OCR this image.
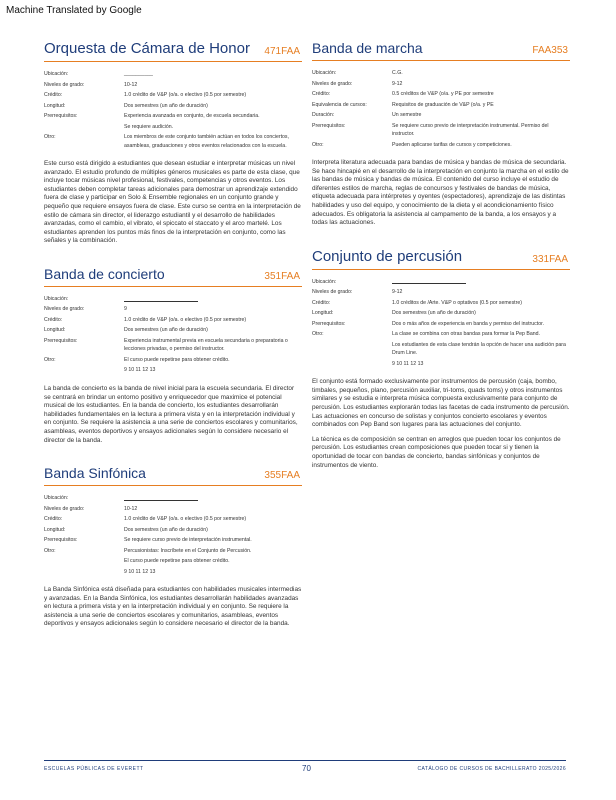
Machine Translated by Google
Orquesta de Cámara de Honor 471FAA
Ubicación:	__________
Niveles de grado:	10-12
Crédito:	1.0 crédito de V&P (o/a. o electivo (0.5 por semestre)
Longitud:	Dos semestres (un año de duración)
Prerrequisitos:	Experiencia avanzada en conjunto, de escuela secundaria.
Se requiere audición.
Otro:	Los miembros de este conjunto también actúan en todos los conciertos, asambleas, graduaciones y otros eventos relacionados con la escuela.

Este curso está dirigido a estudiantes que desean estudiar e interpretar músicas un nivel avanzado. El estudio profundo de múltiples géneros musicales es parte de esta clase, que incluye tocar músicas nivel profesional, festivales, competencias y otros eventos. Los estudiantes deben completar tareas adicionales para demostrar un aprendizaje extendido fuera de clase y participar en Solo & Ensemble regionales en un conjunto grande y pequeño que requiere ensayos fuera de clase. Este curso se centra en la interpretación de estilo de cámara sin director, el liderazgo estudiantil y el desarrollo de habilidades avanzadas, como el cambio, el vibrato, el spiccato el staccato y el arco martelé. Los estudiantes aprenden los puntos más finos de la interpretación en conjunto, como las señales y la combinación.

Banda de concierto	351FAA
Ubicación:
Niveles de grado:	9
Crédito:	1.0 crédito de V&P (o/a. o electivo (0.5 por semestre)
Longitud:	Dos semestres (un año de duración)
Prerrequisitos:	Experiencia instrumental previa en escuela secundaria o preparatoria o lecciones privadas, o permiso del instructor.
Otro:	El curso puede repetirse para obtener crédito.
9 10 11 12 13

La banda de concierto es la banda de nivel inicial para la escuela secundaria. El director se centrará en brindar un entorno positivo y enriquecedor que maximice el potencial musical de los estudiantes. En la banda de concierto, los estudiantes desarrollarán habilidades fundamentales en la lectura a primera vista y en la interpretación individual y en conjunto. Se requiere la asistencia a una serie de conciertos escolares y comunitarios, asambleas, eventos deportivos y ensayos adicionales según lo considere necesario el director de la banda.

Banda Sinfónica	355FAA
Ubicación:
Niveles de grado:	10-12
Crédito:	1.0 crédito de V&P (o/a. o electivo (0.5 por semestre)
Longitud:	Dos semestres (un año de duración)
Prerrequisitos:	Se requiere curso previo de interpretación instrumental.
Otro:	Percusionistas: Inscríbete en el Conjunto de Percusión.
El curso puede repetirse para obtener crédito.
9 10 11 12 13

La Banda Sinfónica está diseñada para estudiantes con habilidades musicales intermedias y avanzadas. En la Banda Sinfónica, los estudiantes desarrollarán habilidades avanzadas en lectura a primera vista y en la interpretación individual y en conjunto. Se requiere la asistencia a una serie de conciertos escolares y comunitarios, asambleas, eventos deportivos y ensayos adicionales según lo considere necesario el director de la banda.

Banda de marcha	FAA353
Ubicación:	C.G.
Niveles de grado:	9-12
Crédito:	0.5 créditos de V&P (o/a. y PE por semestre
Equivalencia de cursos:	Requisitos de graduación de V&P (o/a. y PE
Duración:	Un semestre
Prerrequisitos:	Se requiere curso previo de interpretación instrumental. Permiso del instructor.
Otro:	Pueden aplicarse tarifas de cursos y competiciones.

Interpreta literatura adecuada para bandas de música y bandas de música de secundaria. Se hace hincapié en el desarrollo de la interpretación en conjunto la marcha en el estilo de las bandas de música y bandas de música. El contenido del curso incluye el estudio de diferentes estilos de marcha, reglas de concursos y festivales de bandas de música, etiqueta adecuada para intérpretes y oyentes (espectadores), aprendizaje de las distintas habilidades y uso del equipo, y conocimiento de la dieta y el acondicionamiento físico adecuados. Es obligatoria la asistencia al campamento de la banda, a los ensayos y a todas las actuaciones.

Conjunto de percusión	331FAA
Ubicación:
Niveles de grado:	9-12
Crédito:	1.0 créditos de /Arte. V&P o optativos (0.5 por semestre)
Longitud:	Dos semestres (un año de duración)
Prerrequisitos:	Dos o más años de experiencia en banda y permiso del instructor.
Otro:	La clase se combina con otras bandas para formar la Pep Band.
Los estudiantes de esta clase tendrán la opción de hacer una audición para Drum Line.
9 10 11 12 13

El conjunto está formado exclusivamente por instrumentos de percusión (caja, bombo, timbales, pequeños, plano, percusión auxiliar, tri-toms, quads toms) y otros instrumentos similares y se estudia e interpreta música compuesta exclusivamente para conjunto de percusión. Los estudiantes explorarán todas las facetas de cada instrumento de percusión. Las actuaciones en concurso de solistas y conjuntos concierto escolares y eventos combinados con Pep Band son lugares para las actuaciones del conjunto.

La técnica es de composición se centran en arreglos que pueden tocar los conjuntos de percusión. Los estudiantes crean composiciones que pueden tocar si y tienen la oportunidad de tocar con bandas de concierto, bandas sinfónicas y conjuntos de instrumentos de viento.

ESCUELAS PÚBLICAS DE EVERETT	70	CATÁLOGO DE CURSOS DE BACHILLERATO 2025/2026
